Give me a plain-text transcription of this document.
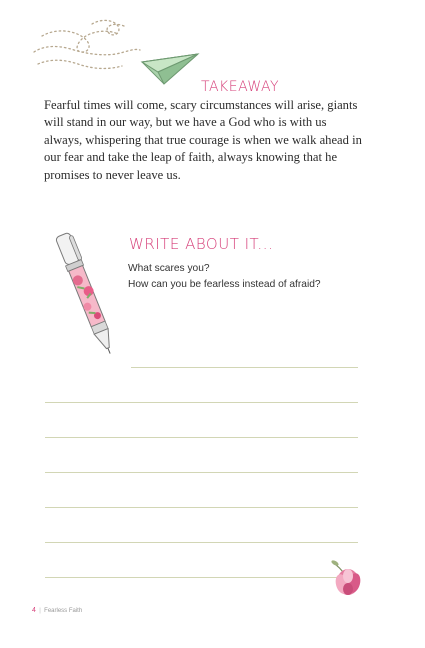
TAKEAWAY
Fearful times will come, scary circumstances will arise, giants will stand in our way, but we have a God who is with us always, whispering that true courage is when we walk ahead in our fear and take the leap of faith, always knowing that he promises to never leave us.
WRITE ABOUT IT...
What scares you?
How can you be fearless instead of afraid?
4  |  Fearless Faith
